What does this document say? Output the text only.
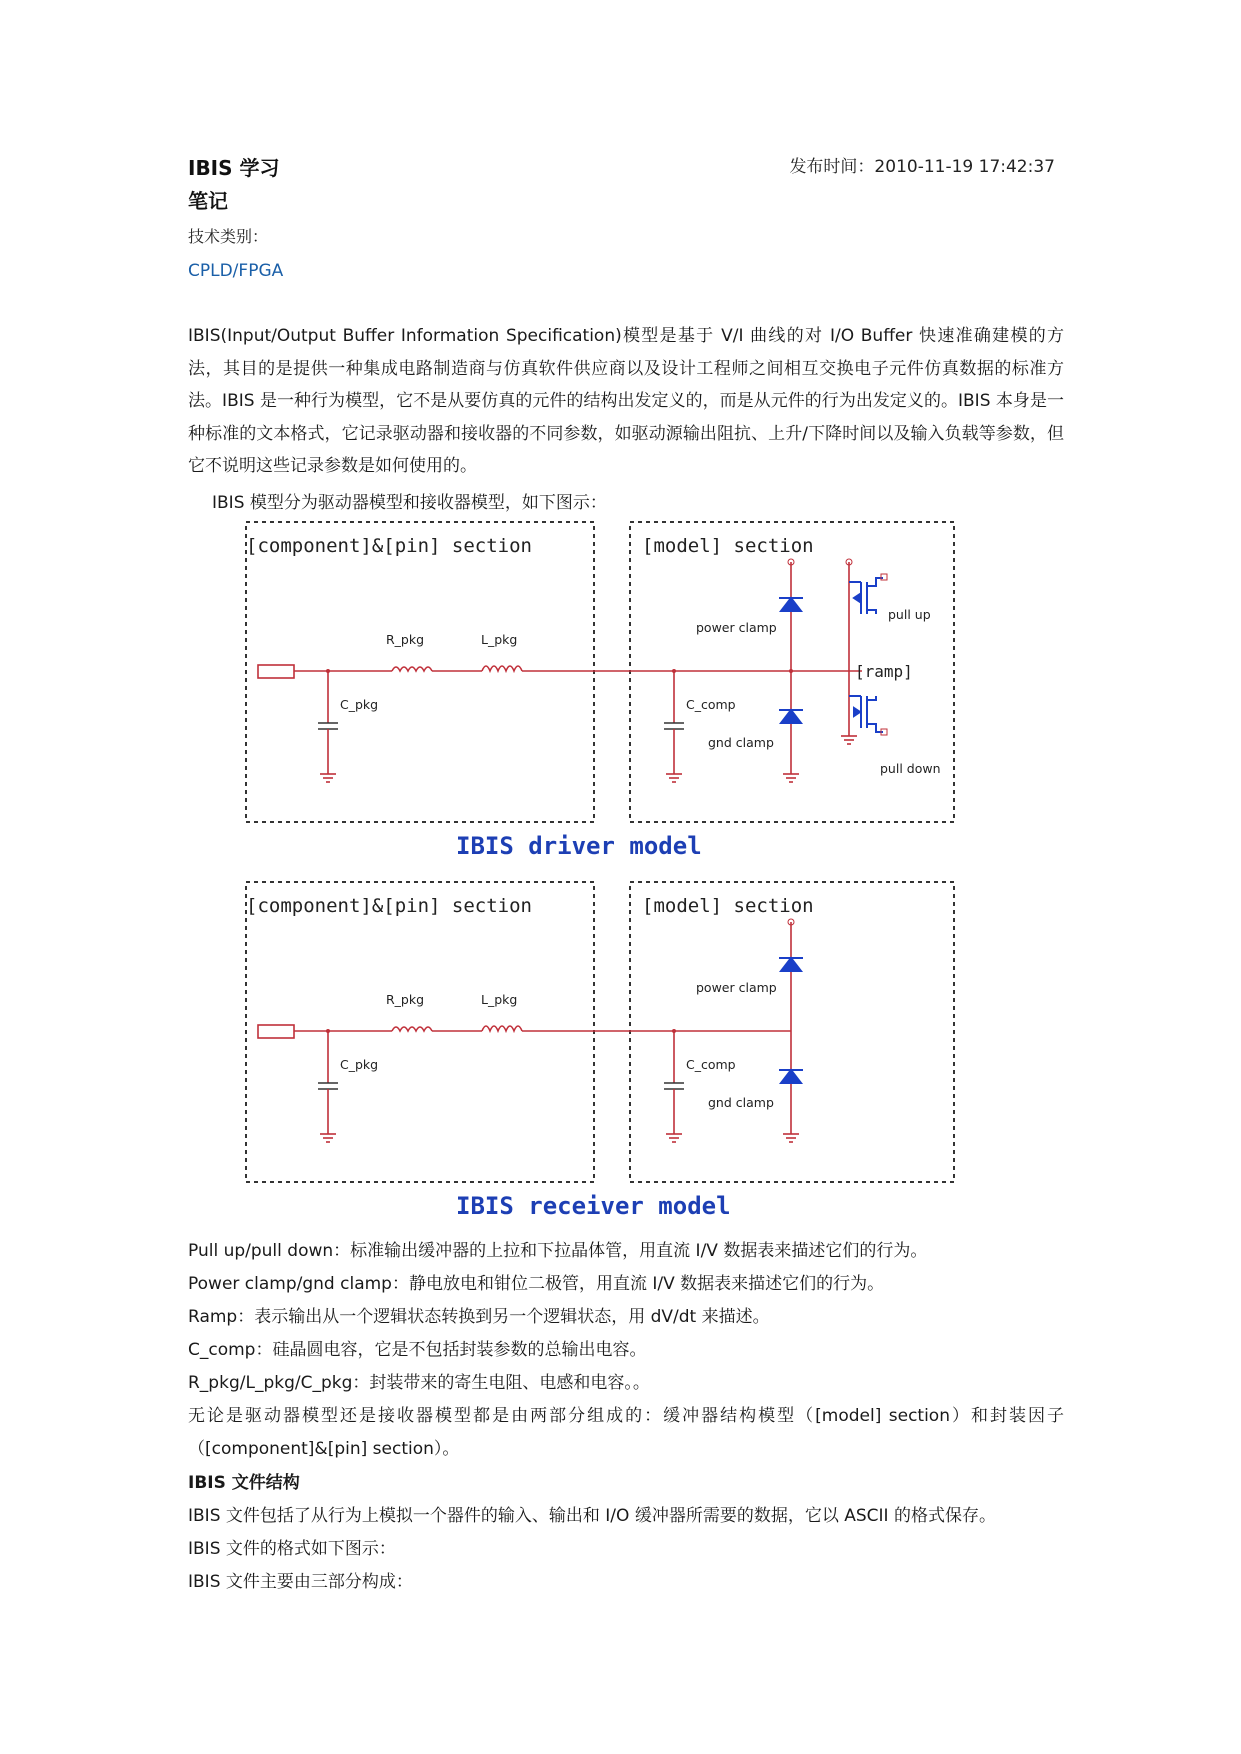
IBIS 学习笔记
发布时间：2010-11-19 17:42:37
技术类别：
CPLD/FPGA
IBIS(Input/Output Buffer Information Specification)模型是基于 V/I 曲线的对 I/O Buffer 快速准确建模的方法，其目的是提供一种集成电路制造商与仿真软件供应商以及设计工程师之间相互交换电子元件仿真数据的标准方法。IBIS 是一种行为模型，它不是从要仿真的元件的结构出发定义的，而是从元件的行为出发定义的。IBIS 本身是一种标准的文本格式，它记录驱动器和接收器的不同参数，如驱动源输出阻抗、上升/下降时间以及输入负载等参数，但它不说明这些记录参数是如何使用的。
IBIS 模型分为驱动器模型和接收器模型，如下图示：
[component]&[pin] section	[model] section
R_pkg	L_pkg
C_pkg	C_comp
power clamp
gnd clamp
pull up
pull down
[ramp]
IBIS driver model
[component]&[pin] section	[model] section
R_pkg	L_pkg
C_pkg	C_comp
power clamp
gnd clamp
IBIS receiver model
Pull up/pull down：标准输出缓冲器的上拉和下拉晶体管，用直流 I/V 数据表来描述它们的行为。
Power clamp/gnd clamp：静电放电和钳位二极管，用直流 I/V 数据表来描述它们的行为。
Ramp：表示输出从一个逻辑状态转换到另一个逻辑状态，用 dV/dt 来描述。
C_comp：硅晶圆电容，它是不包括封装参数的总输出电容。
R_pkg/L_pkg/C_pkg：封装带来的寄生电阻、电感和电容。。
无论是驱动器模型还是接收器模型都是由两部分组成的：缓冲器结构模型（[model] section）和封装因子（[component]&[pin] section）。
IBIS 文件结构
IBIS 文件包括了从行为上模拟一个器件的输入、输出和 I/O 缓冲器所需要的数据，它以 ASCII 的格式保存。
IBIS 文件的格式如下图示：
IBIS 文件主要由三部分构成：
